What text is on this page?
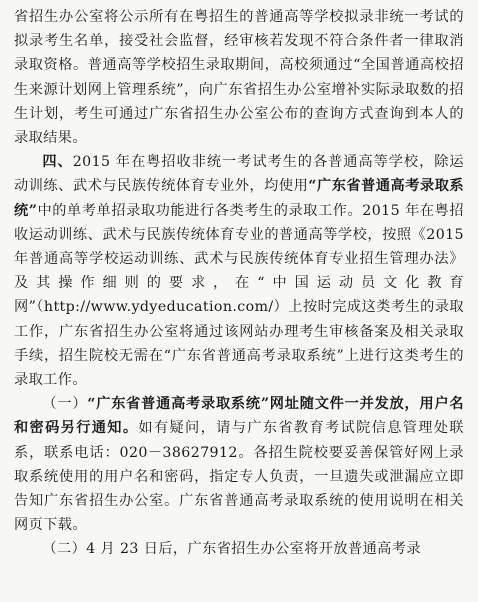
省招生办公室将公示所有在粤招生的普通高等学校拟录非统一考试的拟录考生名单，接受社会监督，经审核若发现不符合条件者一律取消录取资格。普通高等学校招生录取期间，高校须通过“全国普通高校招生来源计划网上管理系统”，向广东省招生办公室增补实际录取数的招生计划，考生可通过广东省招生办公室公布的查询方式查询到本人的录取结果。

四、2015 年在粤招收非统一考试考生的各普通高等学校，除运动训练、武术与民族传统体育专业外，均使用“广东省普通高考录取系统”中的单考单招录取功能进行各类考生的录取工作。2015 年在粤招收运动训练、武术与民族传统体育专业的普通高等学校，按照《2015 年普通高等学校运动训练、武术与民族传统体育专业招生管理办法》及其操作细则的要求，在“中国运动员文化教育网”（http://www.ydyeducation.com/）上按时完成这类考生的录取工作，广东省招生办公室将通过该网站办理考生审核备案及相关录取手续，招生院校无需在“广东省普通高考录取系统”上进行这类考生的录取工作。

（一）“广东省普通高考录取系统”网址随文件一并发放，用户名和密码另行通知。如有疑问，请与广东省教育考试院信息管理处联系，联系电话：020－38627912。各招生院校要妥善保管好网上录取系统使用的用户名和密码，指定专人负责，一旦遗失或泄漏应立即告知广东省招生办公室。广东省普通高考录取系统的使用说明在相关网页下载。

（二）4 月 23 日后，广东省招生办公室将开放普通高考录
